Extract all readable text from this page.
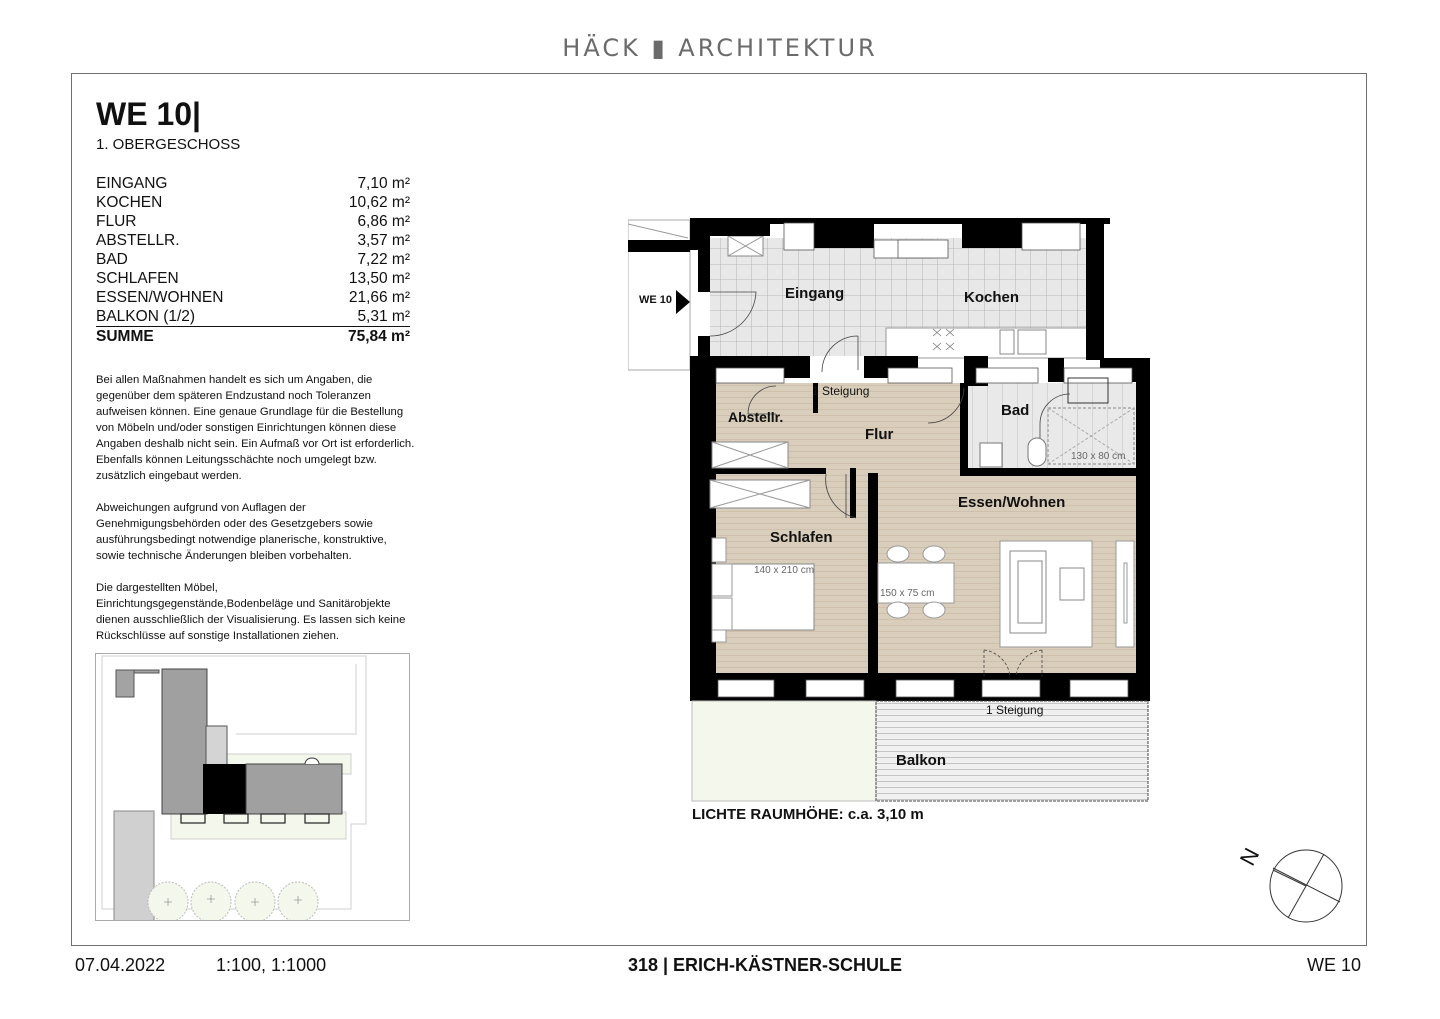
HÄCK ▮ ARCHITEKTUR
WE 10|
1. OBERGESCHOSS
EINGANG	7,10 m²
KOCHEN	10,62 m²
FLUR	6,86 m²
ABSTELLR.	3,57 m²
BAD	7,22 m²
SCHLAFEN	13,50 m²
ESSEN/WOHNEN	21,66 m²
BALKON (1/2)	5,31 m²
SUMME	75,84 m²
Bei allen Maßnahmen handelt es sich um Angaben, die gegenüber dem späteren Endzustand noch Toleranzen aufweisen können. Eine genaue Grundlage für die Bestellung von Möbeln und/oder sonstigen Einrichtungen können diese Angaben deshalb nicht sein. Ein Aufmaß vor Ort ist erforderlich. Ebenfalls können Leitungsschächte noch umgelegt bzw. zusätzlich eingebaut werden.
Abweichungen aufgrund von Auflagen der Genehmigungsbehörden oder des Gesetzgebers sowie ausführungsbedingt notwendige planerische, konstruktive, sowie technische Änderungen bleiben vorbehalten.
Die dargestellten Möbel, Einrichtungsgegenstände,Bodenbeläge und Sanitärobjekte dienen ausschließlich der Visualisierung. Es lassen sich keine Rückschlüsse auf sonstige Installationen ziehen.
WE 10	Eingang	Kochen
1 Steigung
Abstellr.
Flur
Bad
130 x 80 cm
Essen/Wohnen
Schlafen
140 x 210 cm
150 x 75 cm
1 Steigung
Balkon
LICHTE RAUMHÖHE: c.a. 3,10 m
N
07.04.2022	1:100, 1:1000	318 | ERICH-KÄSTNER-SCHULE	WE 10
